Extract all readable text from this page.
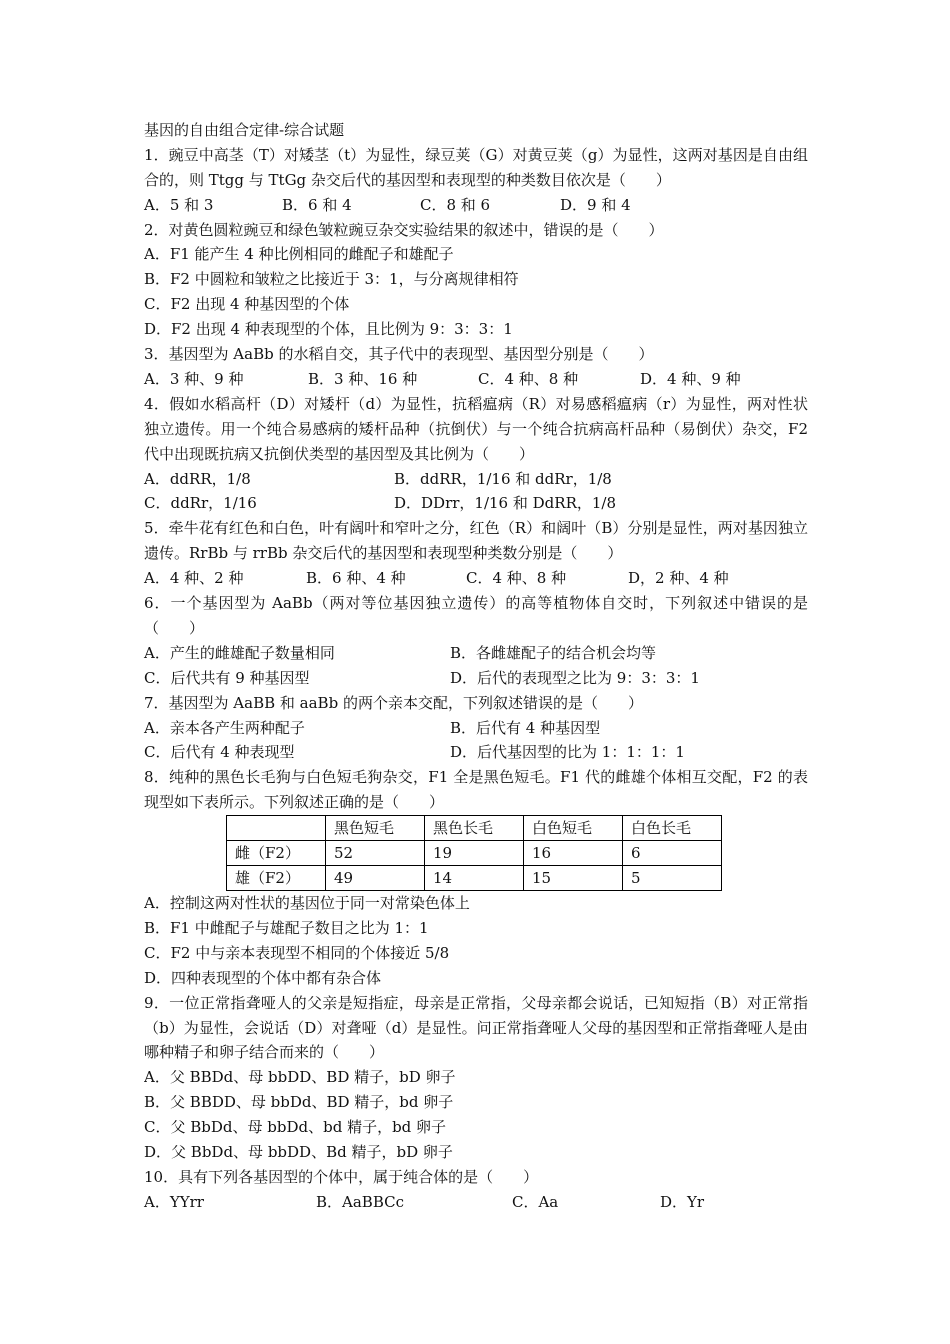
基因的自由组合定律-综合试题
1．豌豆中高茎（T）对矮茎（t）为显性，绿豆荚（G）对黄豆荚（g）为显性，这两对基因是自由组合的，则 Ttgg 与 TtGg 杂交后代的基因型和表现型的种类数目依次是（　　）
A．5 和 3	B．6 和 4	C．8 和 6	D．9 和 4
2．对黄色圆粒豌豆和绿色皱粒豌豆杂交实验结果的叙述中，错误的是（　　）
A．F1 能产生 4 种比例相同的雌配子和雄配子
B．F2 中圆粒和皱粒之比接近于 3：1，与分离规律相符
C．F2 出现 4 种基因型的个体
D．F2 出现 4 种表现型的个体，且比例为 9：3：3：1
3．基因型为 AaBb 的水稻自交，其子代中的表现型、基因型分别是（　　）
A．3 种、9 种	B．3 种、16 种	C．4 种、8 种	D．4 种、9 种
4．假如水稻高杆（D）对矮杆（d）为显性，抗稻瘟病（R）对易感稻瘟病（r）为显性，两对性状独立遗传。用一个纯合易感病的矮杆品种（抗倒伏）与一个纯合抗病高杆品种（易倒伏）杂交，F2 代中出现既抗病又抗倒伏类型的基因型及其比例为（　　）
A．ddRR，1/8	B．ddRR，1/16 和 ddRr，1/8
C．ddRr，1/16	D．DDrr，1/16 和 DdRR，1/8
5．牵牛花有红色和白色，叶有阔叶和窄叶之分，红色（R）和阔叶（B）分别是显性，两对基因独立遗传。RrBb 与 rrBb 杂交后代的基因型和表现型种类数分别是（　　）
A．4 种、2 种	B．6 种、4 种	C．4 种、8 种	D，2 种、4 种
6．一个基因型为 AaBb（两对等位基因独立遗传）的高等植物体自交时，下列叙述中错误的是（　　）
A．产生的雌雄配子数量相同	B．各雌雄配子的结合机会均等
C．后代共有 9 种基因型	D．后代的表现型之比为 9：3：3：1
7．基因型为 AaBB 和 aaBb 的两个亲本交配，下列叙述错误的是（　　）
A．亲本各产生两种配子	B．后代有 4 种基因型
C．后代有 4 种表现型	D．后代基因型的比为 1：1：1：1
8．纯种的黑色长毛狗与白色短毛狗杂交，F1 全是黑色短毛。F1 代的雌雄个体相互交配，F2 的表现型如下表所示。下列叙述正确的是（　　）
	黑色短毛	黑色长毛	白色短毛	白色长毛
雌（F2）	52	19	16	6
雄（F2）	49	14	15	5
A．控制这两对性状的基因位于同一对常染色体上
B．F1 中雌配子与雄配子数目之比为 1：1
C．F2 中与亲本表现型不相同的个体接近 5/8
D．四种表现型的个体中都有杂合体
9．一位正常指聋哑人的父亲是短指症，母亲是正常指，父母亲都会说话，已知短指（B）对正常指（b）为显性，会说话（D）对聋哑（d）是显性。问正常指聋哑人父母的基因型和正常指聋哑人是由哪种精子和卵子结合而来的（　　）
A．父 BBDd、母 bbDD、BD 精子，bD 卵子
B．父 BBDD、母 bbDd、BD 精子，bd 卵子
C．父 BbDd、母 bbDd、bd 精子，bd 卵子
D．父 BbDd、母 bbDD、Bd 精子，bD 卵子
10．具有下列各基因型的个体中，属于纯合体的是（　　）
A．YYrr	B．AaBBCc	C．Aa	D．Yr
